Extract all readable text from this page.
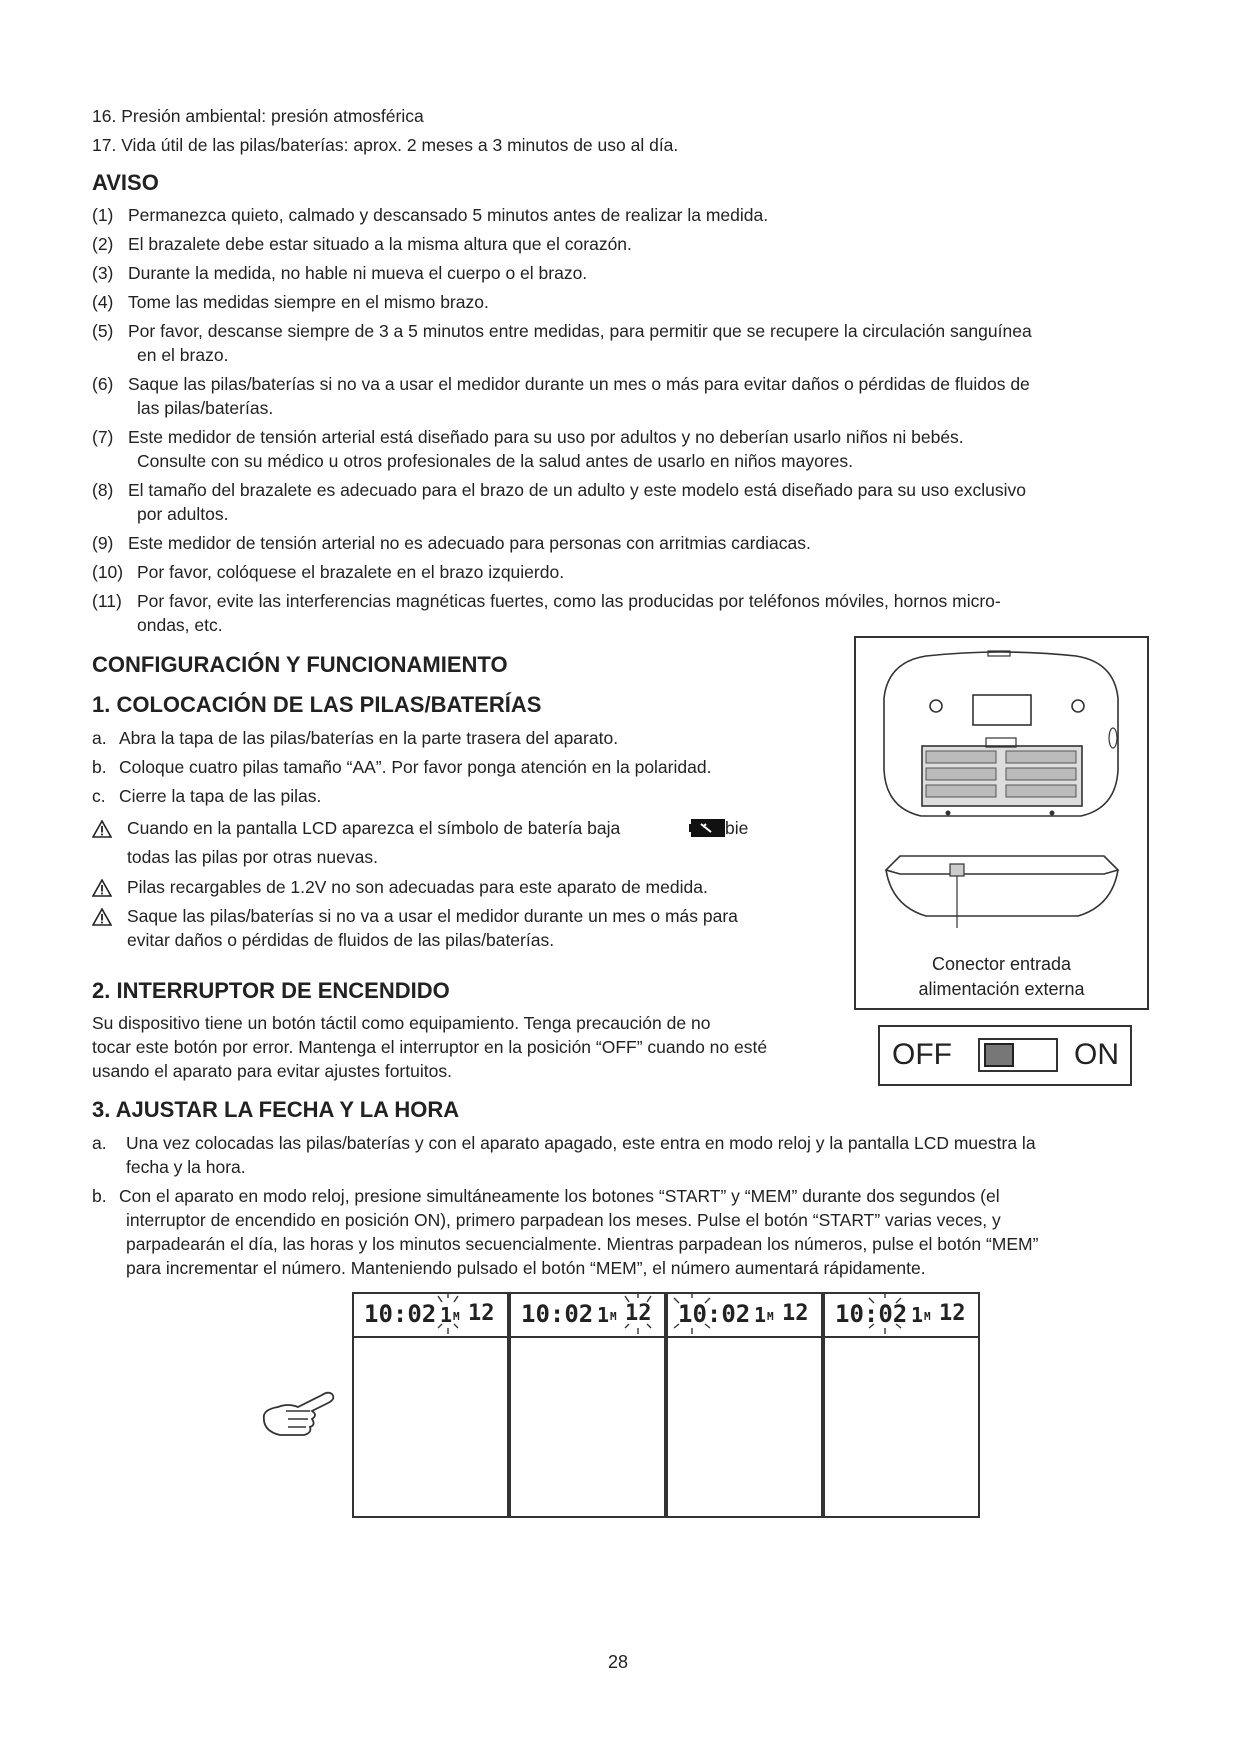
16. Presión ambiental: presión atmosférica
17. Vida útil de las pilas/baterías: aprox. 2 meses a 3 minutos de uso al día.
AVISO
(1) Permanezca quieto, calmado y descansado 5 minutos antes de realizar la medida.
(2) El brazalete debe estar situado a la misma altura que el corazón.
(3) Durante la medida, no hable ni mueva el cuerpo o el brazo.
(4) Tome las medidas siempre en el mismo brazo.
(5) Por favor, descanse siempre de 3 a 5 minutos entre medidas, para permitir que se recupere la circulación sanguínea
en el brazo.
(6) Saque las pilas/baterías si no va a usar el medidor durante un mes o más para evitar daños o pérdidas de fluidos de
las pilas/baterías.
(7) Este medidor de tensión arterial está diseñado para su uso por adultos y no deberían usarlo niños ni bebés.
Consulte con su médico u otros profesionales de la salud antes de usarlo en niños mayores.
(8) El tamaño del brazalete es adecuado para el brazo de un adulto y este modelo está diseñado para su uso exclusivo
por adultos.
(9) Este medidor de tensión arterial no es adecuado para personas con arritmias cardiacas.
(10) Por favor, colóquese el brazalete en el brazo izquierdo.
(11) Por favor, evite las interferencias magnéticas fuertes, como las producidas por teléfonos móviles, hornos micro-
ondas, etc.
CONFIGURACIÓN Y FUNCIONAMIENTO
1. COLOCACIÓN DE LAS PILAS/BATERÍAS
a. Abra la tapa de las pilas/baterías en la parte trasera del aparato.
b. Coloque cuatro pilas tamaño “AA”. Por favor ponga atención en la polaridad.
c. Cierre la tapa de las pilas.
Cuando en la pantalla LCD aparezca el símbolo de batería baja	bie
todas las pilas por otras nuevas.
Pilas recargables de 1.2V no son adecuadas para este aparato de medida.
Saque las pilas/baterías si no va a usar el medidor durante un mes o más para
evitar daños o pérdidas de fluidos de las pilas/baterías.
Conector entrada
alimentación externa
2. INTERRUPTOR DE ENCENDIDO
Su dispositivo tiene un botón táctil como equipamiento. Tenga precaución de no
tocar este botón por error. Mantenga el interruptor en la posición “OFF” cuando no esté
usando el aparato para evitar ajustes fortuitos.	OFF	ON
3. AJUSTAR LA FECHA Y LA HORA
a. Una vez colocadas las pilas/baterías y con el aparato apagado, este entra en modo reloj y la pantalla LCD muestra la
fecha y la hora.
b. Con el aparato en modo reloj, presione simultáneamente los botones “START” y “MEM” durante dos segundos (el
interruptor de encendido en posición ON), primero parpadean los meses. Pulse el botón “START” varias veces, y
parpadearán el día, las horas y los minutos secuencialmente. Mientras parpadean los números, pulse el botón “MEM”
para incrementar el número. Manteniendo pulsado el botón “MEM”, el número aumentará rápidamente.
10:02 1 M 12 10:02 1 M 12 10:02 1 M 12 10:02 1 M 12
28
